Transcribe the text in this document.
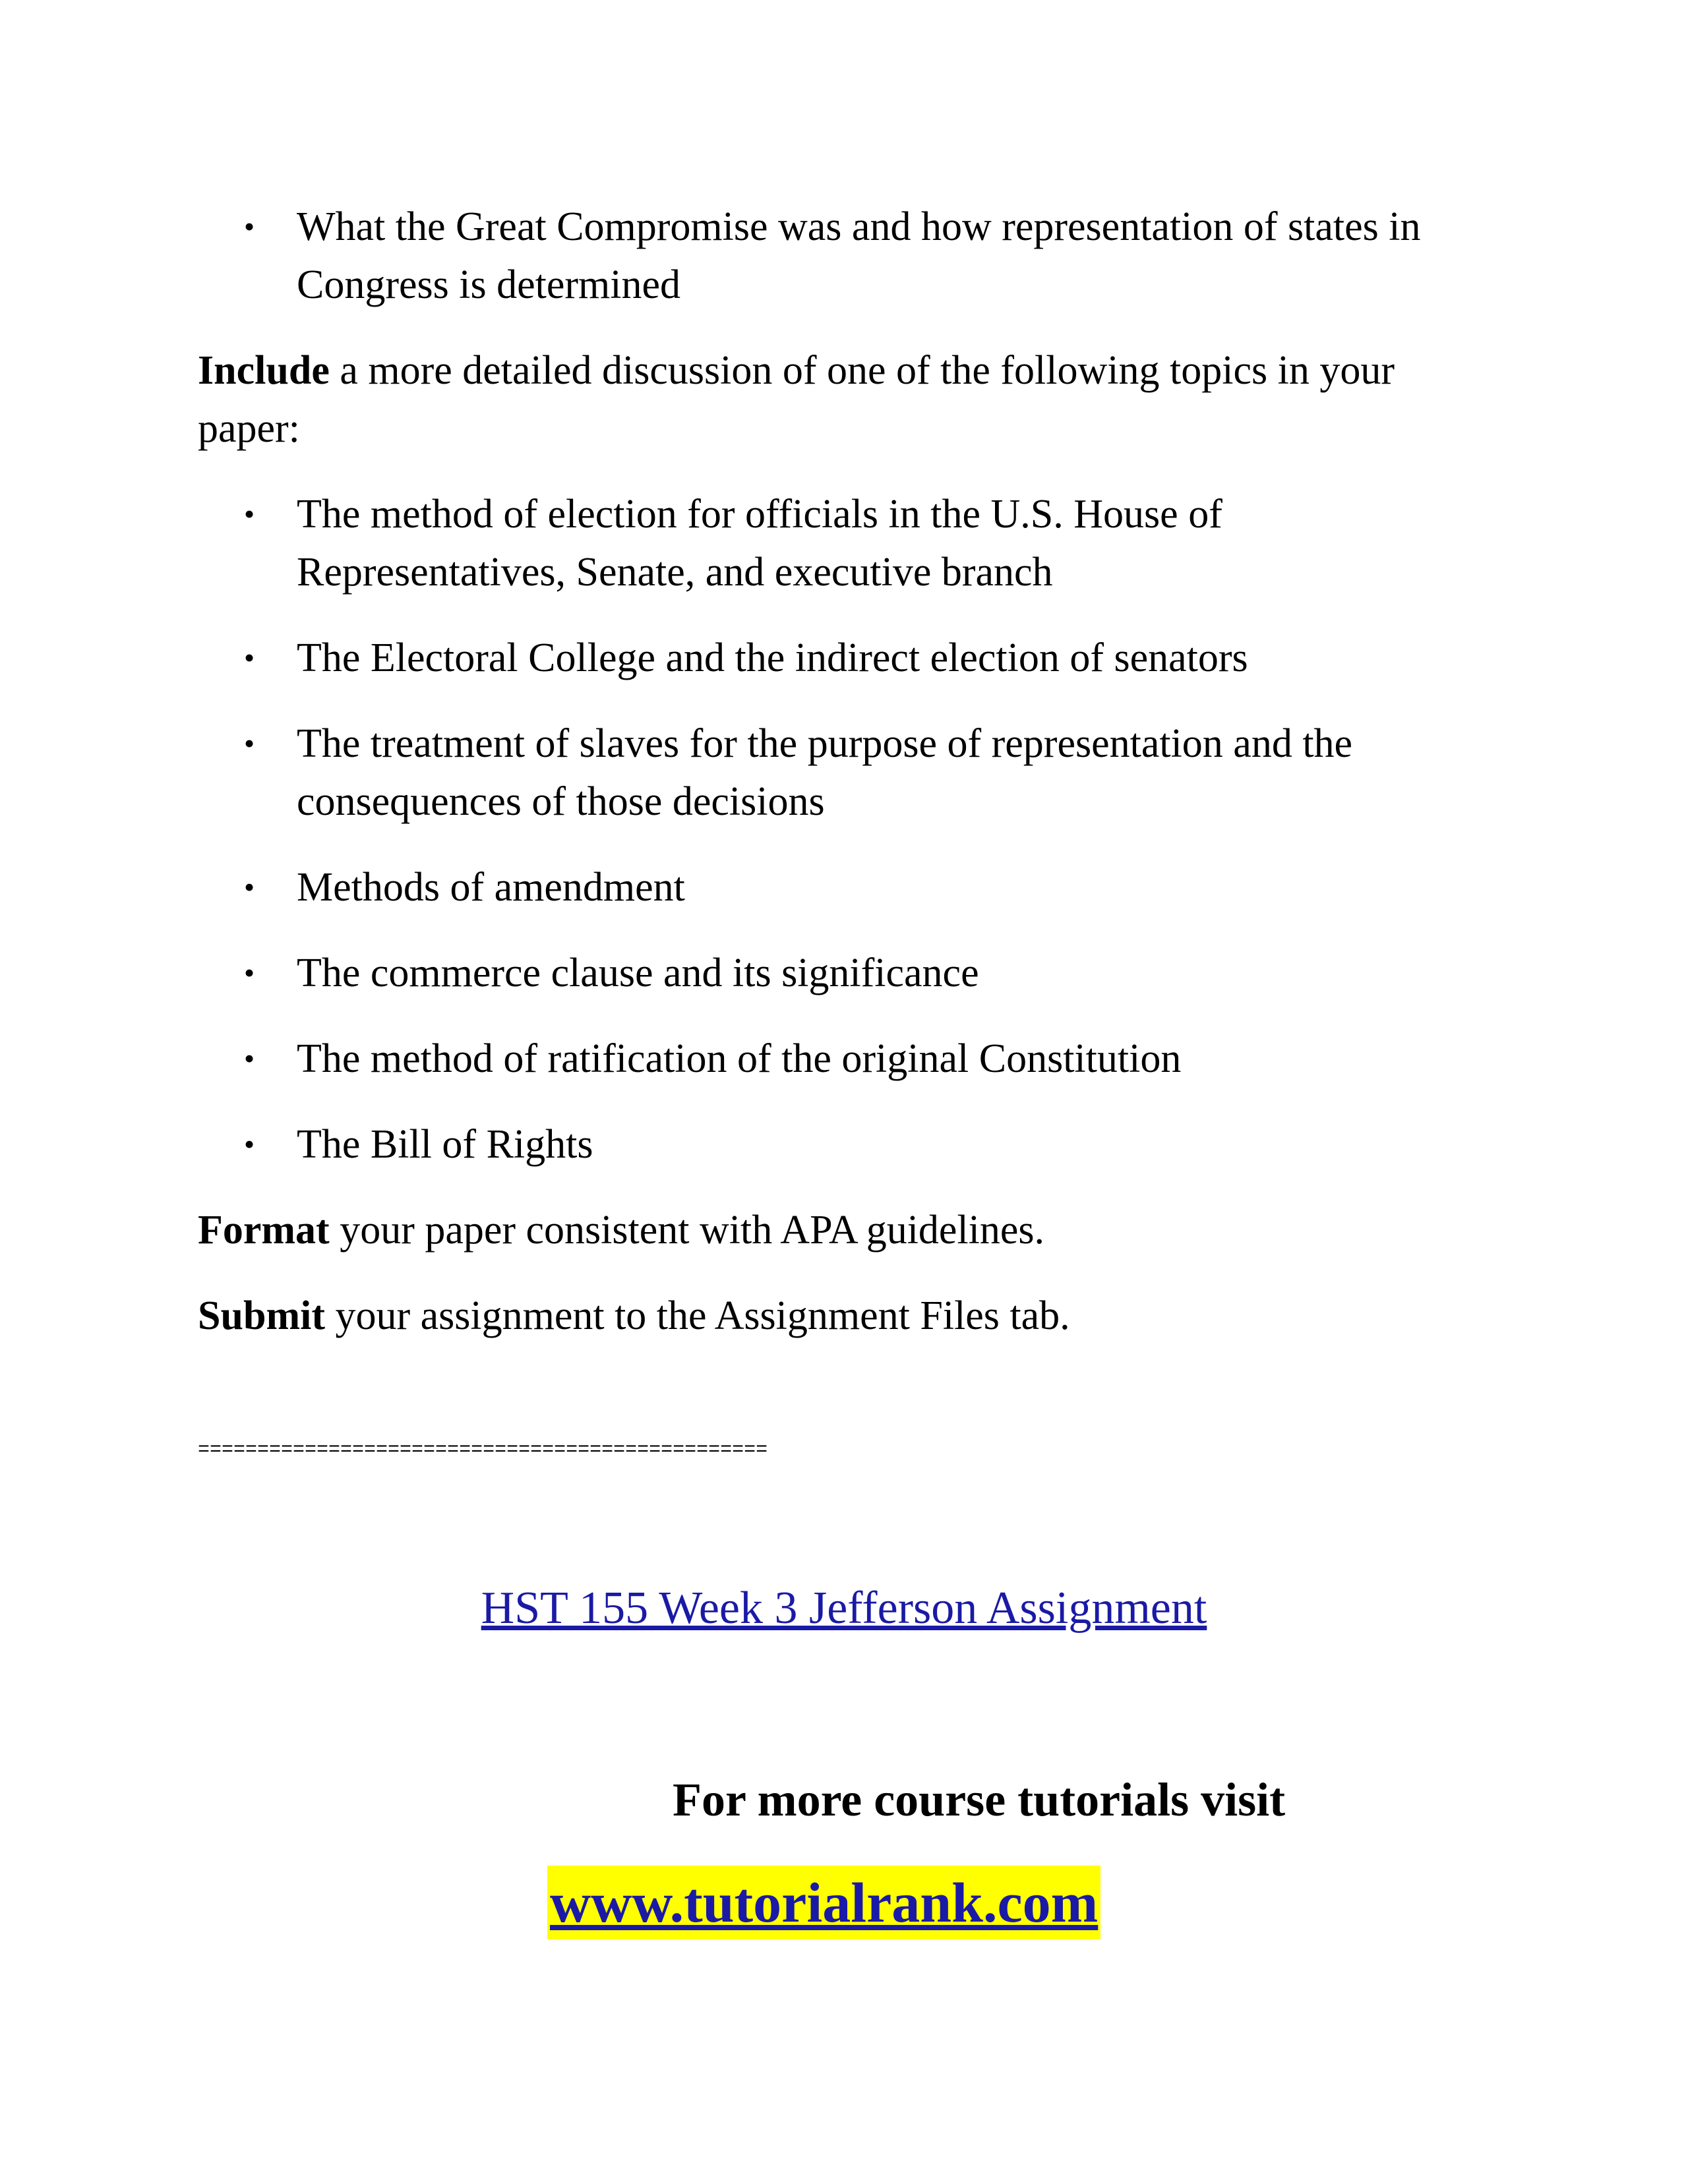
• What the Great Compromise was and how representation of states in Congress is determined
Include a more detailed discussion of one of the following topics in your paper:
• The method of election for officials in the U.S. House of Representatives, Senate, and executive branch
• The Electoral College and the indirect election of senators
• The treatment of slaves for the purpose of representation and the consequences of those decisions
• Methods of amendment
• The commerce clause and its significance
• The method of ratification of the original Constitution
• The Bill of Rights
Format your paper consistent with APA guidelines.
Submit your assignment to the Assignment Files tab.
================================================
HST 155 Week 3 Jefferson Assignment
For more course tutorials visit
www.tutorialrank.com
